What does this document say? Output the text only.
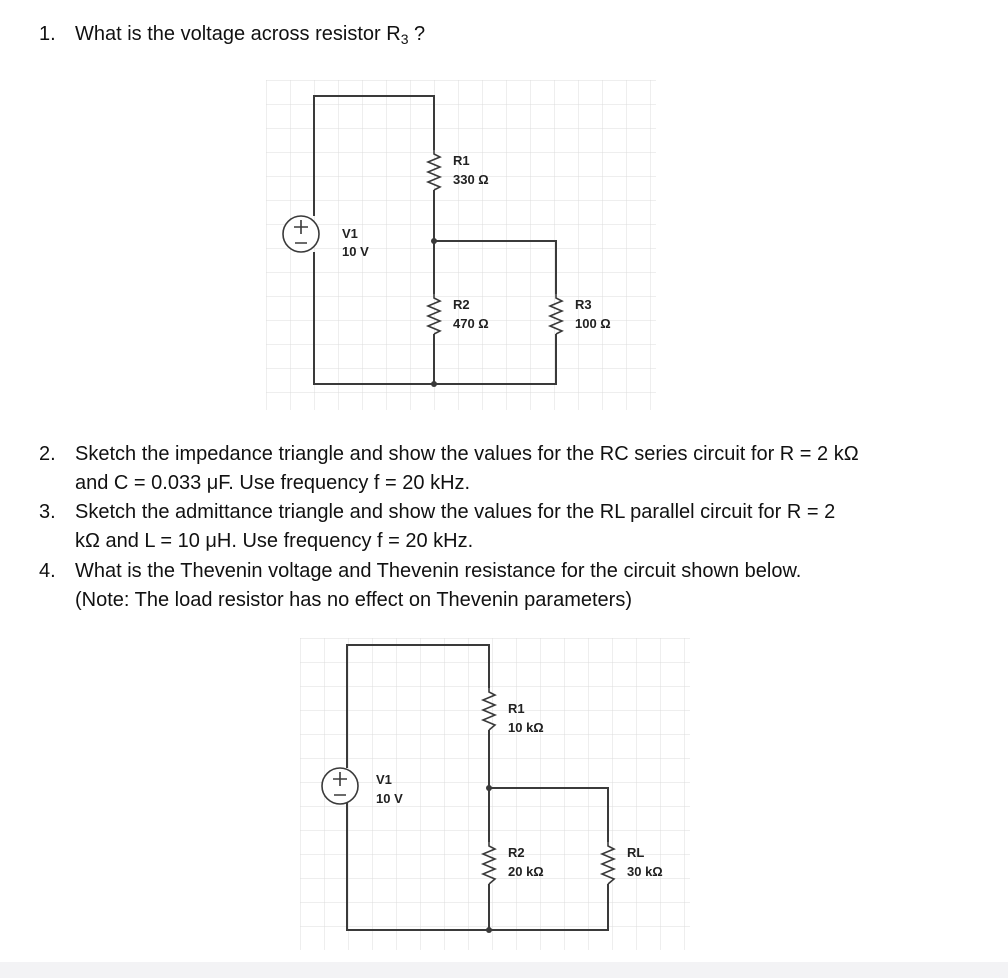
1. What is the voltage across resistor $R_3$ ?
V1
10 V
R1
330 Ω
R2
470 Ω
R3
100 Ω
2. Sketch the impedance triangle and show the values for the RC series circuit for R = 2 kΩ
and C = 0.033 μF. Use frequency f = 20 kHz.
3. Sketch the admittance triangle and show the values for the RL parallel circuit for R = 2
kΩ and L = 10 μH. Use frequency f = 20 kHz.
4. What is the Thevenin voltage and Thevenin resistance for the circuit shown below.
(Note: The load resistor has no effect on Thevenin parameters)
V1
10 V
R1
10 kΩ
R2
20 kΩ
RL
30 kΩ
